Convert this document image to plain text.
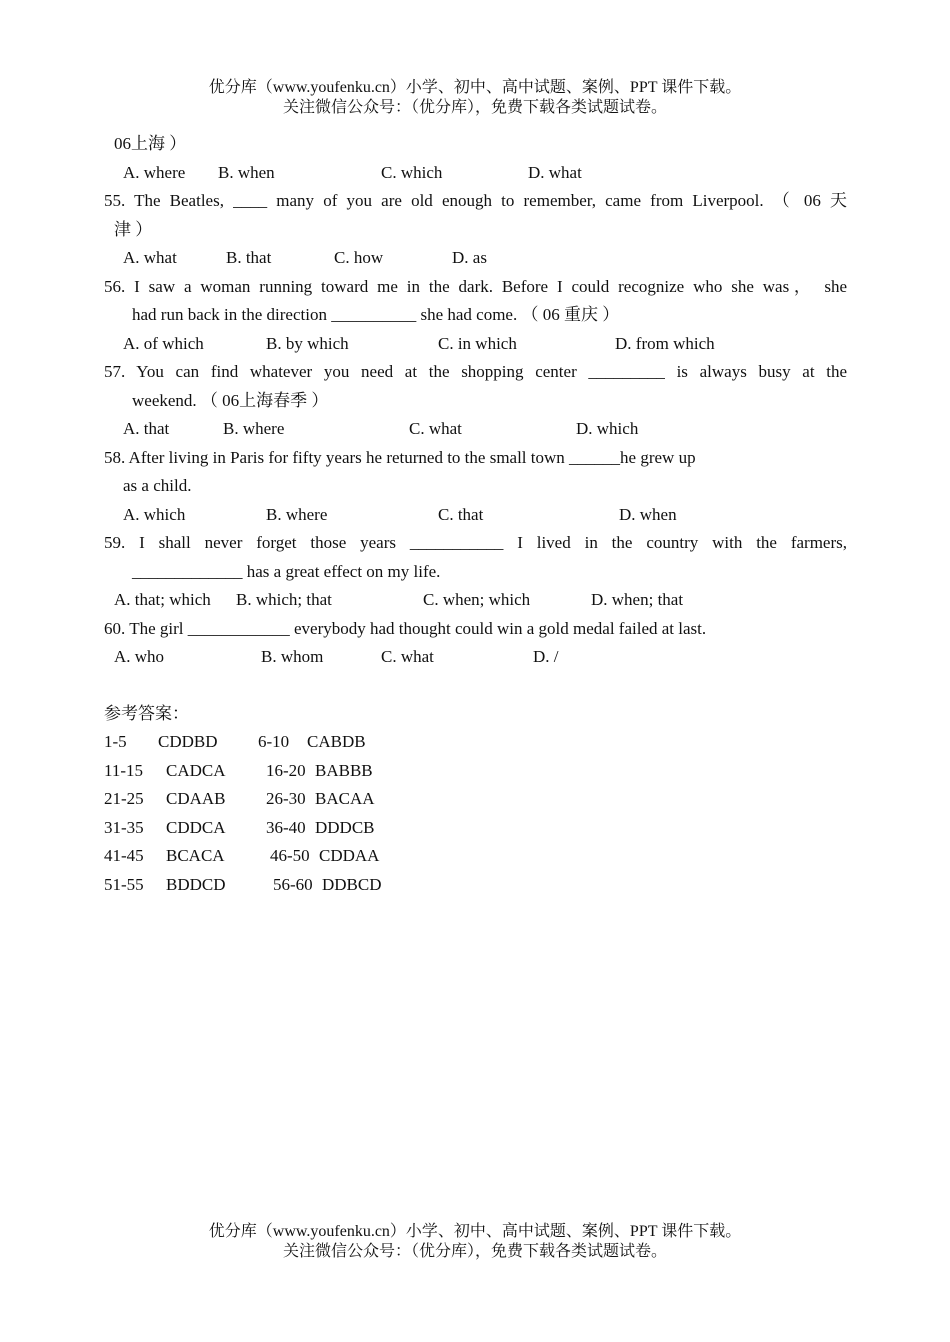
优分库（www.youfenku.cn）小学、初中、高中试题、案例、PPT 课件下载。
关注微信公众号：（优分库），免费下载各类试题试卷。
06上海 ）
A. where B. when	C. which	D. what
55. The Beatles, ____ many of you are old enough to remember, came from Liverpool. （ 06 天
津 ）
A. what	B. that	C. how	D. as
56. I saw a woman running toward me in the dark. Before I could recognize who she was， she
had run back in the direction __________ she had come. （ 06 重庆 ）
A. of which	B. by which	C. in which	D. from which
57. You can find whatever you need at the shopping center _________ is always busy at the
weekend. （ 06上海春季 ）
A. that	B. where	C. what	D. which
58. After living in Paris for fifty years he returned to the small town ______he grew up
as a child.
A. which	B. where	C. that	D. when
59. I shall never forget those years ___________ I lived in the country with the farmers,
_____________ has a great effect on my life.
A. that; which B. which; that	C. when; which	D. when; that
60. The girl ____________ everybody had thought could win a gold medal failed at last.
A. who	B. whom	C. what	D. /
参考答案：
1-5 CDDBD 6-10 CABDB
11-15 CADCA 16-20 BABBB
21-25 CDAAB 26-30 BACAA
31-35 CDDCA 36-40 DDDCB
41-45 BCACA	46-50 CDDAA
51-55 BDDCD	56-60 DDBCD
优分库（www.youfenku.cn）小学、初中、高中试题、案例、PPT 课件下载。
关注微信公众号：（优分库），免费下载各类试题试卷。
